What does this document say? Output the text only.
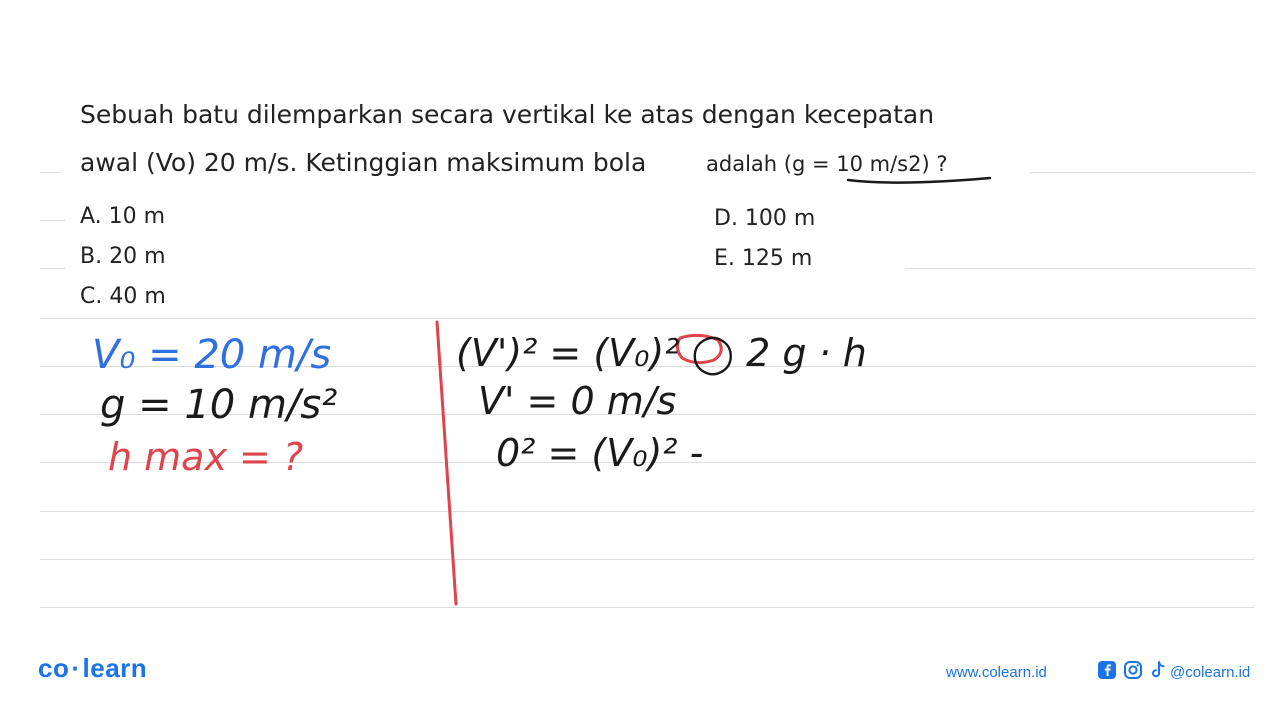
Sebuah batu dilemparkan secara vertikal ke atas dengan kecepatan
awal (Vo) 20 m/s. Ketinggian maksimum bola	adalah (g = 10 m/s2) ?
A. 10 m
B. 20 m
C. 40 m
D. 100 m
E. 125 m
V₀ = 20 m/s
g = 10 m/s²
h max = ?
(V')² = (V₀)² ◯ 2 g · h
V' = 0 m/s
0² = (V₀)² -
co·learn	www.colearn.id	@colearn.id
